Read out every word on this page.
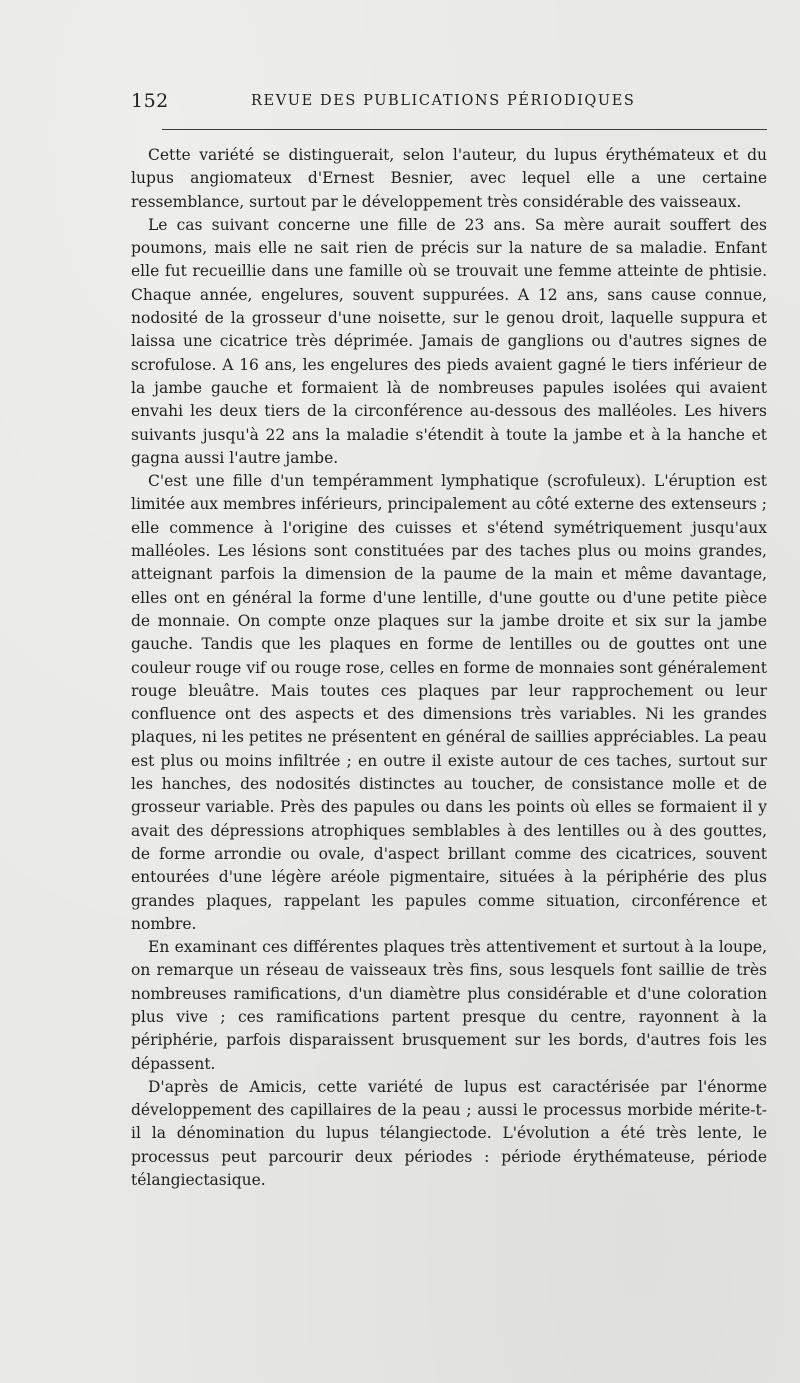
152	REVUE DES PUBLICATIONS PÉRIODIQUES

Cette variété se distinguerait, selon l'auteur, du lupus érythémateux et du lupus angiomateux d'Ernest Besnier, avec lequel elle a une certaine ressemblance, surtout par le développement très considérable des vaisseaux.

Le cas suivant concerne une fille de 23 ans. Sa mère aurait souffert des poumons, mais elle ne sait rien de précis sur la nature de sa maladie. Enfant elle fut recueillie dans une famille où se trouvait une femme atteinte de phtisie. Chaque année, engelures, souvent suppurées. A 12 ans, sans cause connue, nodosité de la grosseur d'une noisette, sur le genou droit, laquelle suppura et laissa une cicatrice très déprimée. Jamais de ganglions ou d'autres signes de scrofulose. A 16 ans, les engelures des pieds avaient gagné le tiers inférieur de la jambe gauche et formaient là de nombreuses papules isolées qui avaient envahi les deux tiers de la circonférence au-dessous des malléoles. Les hivers suivants jusqu'à 22 ans la maladie s'étendit à toute la jambe et à la hanche et gagna aussi l'autre jambe.

C'est une fille d'un tempéramment lymphatique (scrofuleux). L'éruption est limitée aux membres inférieurs, principalement au côté externe des extenseurs ; elle commence à l'origine des cuisses et s'étend symétriquement jusqu'aux malléoles. Les lésions sont constituées par des taches plus ou moins grandes, atteignant parfois la dimension de la paume de la main et même davantage, elles ont en général la forme d'une lentille, d'une goutte ou d'une petite pièce de monnaie. On compte onze plaques sur la jambe droite et six sur la jambe gauche. Tandis que les plaques en forme de lentilles ou de gouttes ont une couleur rouge vif ou rouge rose, celles en forme de monnaies sont généralement rouge bleuâtre. Mais toutes ces plaques par leur rapprochement ou leur confluence ont des aspects et des dimensions très variables. Ni les grandes plaques, ni les petites ne présentent en général de saillies appréciables. La peau est plus ou moins infiltrée ; en outre il existe autour de ces taches, surtout sur les hanches, des nodosités distinctes au toucher, de consistance molle et de grosseur variable. Près des papules ou dans les points où elles se formaient il y avait des dépressions atrophiques semblables à des lentilles ou à des gouttes, de forme arrondie ou ovale, d'aspect brillant comme des cicatrices, souvent entourées d'une légère aréole pigmentaire, situées à la périphérie des plus grandes plaques, rappelant les papules comme situation, circonférence et nombre.

En examinant ces différentes plaques très attentivement et surtout à la loupe, on remarque un réseau de vaisseaux très fins, sous lesquels font saillie de très nombreuses ramifications, d'un diamètre plus considérable et d'une coloration plus vive ; ces ramifications partent presque du centre, rayonnent à la périphérie, parfois disparaissent brusquement sur les bords, d'autres fois les dépassent.

D'après de Amicis, cette variété de lupus est caractérisée par l'énorme développement des capillaires de la peau ; aussi le processus morbide mérite-t-il la dénomination du lupus télangiectode. L'évolution a été très lente, le processus peut parcourir deux périodes : période érythémateuse, période télangiectasique.
